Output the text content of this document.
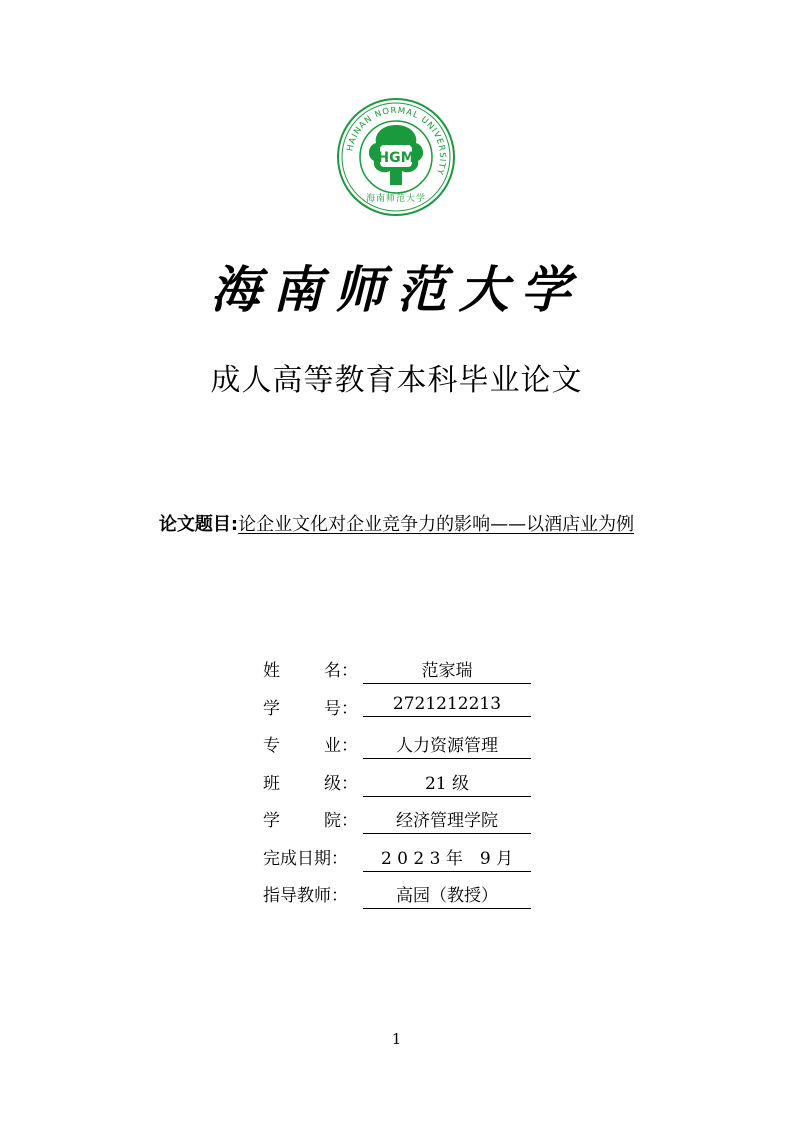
HAINAN NORMAL UNIVERSITY
HGM
海南师范大学
海南师范大学
成人高等教育本科毕业论文
论文题目:论企业文化对企业竞争力的影响——以酒店业为例
姓	名：	范家瑞
学	号：	2721212213
专	业：	人力资源管理
班	级：	21 级
学	院：	经济管理学院
完成日期：	2 0 2 3 年　9 月
指导教师：	高园（教授）
1
